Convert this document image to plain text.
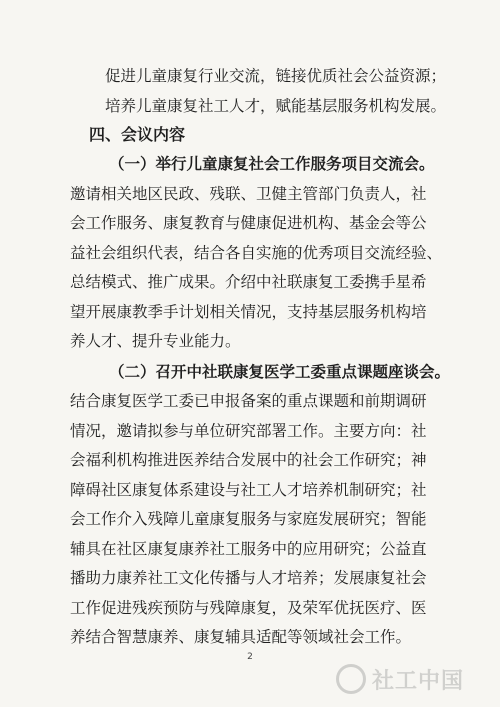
促进儿童康复行业交流，链接优质社会公益资源；
培养儿童康复社工人才，赋能基层服务机构发展。
四、会议内容
（一）举行儿童康复社会工作服务项目交流会。
邀请相关地区民政、残联、卫健主管部门负责人，社
会工作服务、康复教育与健康促进机构、基金会等公
益社会组织代表，结合各自实施的优秀项目交流经验、
总结模式、推广成果。介绍中社联康复工委携手星希
望开展康教季手计划相关情况，支持基层服务机构培
养人才、提升专业能力。
（二）召开中社联康复医学工委重点课题座谈会。
结合康复医学工委已申报备案的重点课题和前期调研
情况，邀请拟参与单位研究部署工作。主要方向：社
会福利机构推进医养结合发展中的社会工作研究；神
障碍社区康复体系建设与社工人才培养机制研究；社
会工作介入残障儿童康复服务与家庭发展研究；智能
辅具在社区康复康养社工服务中的应用研究；公益直
播助力康养社工文化传播与人才培养；发展康复社会
工作促进残疾预防与残障康复，及荣军优抚医疗、医
养结合智慧康养、康复辅具适配等领域社会工作。
2
社工中国
